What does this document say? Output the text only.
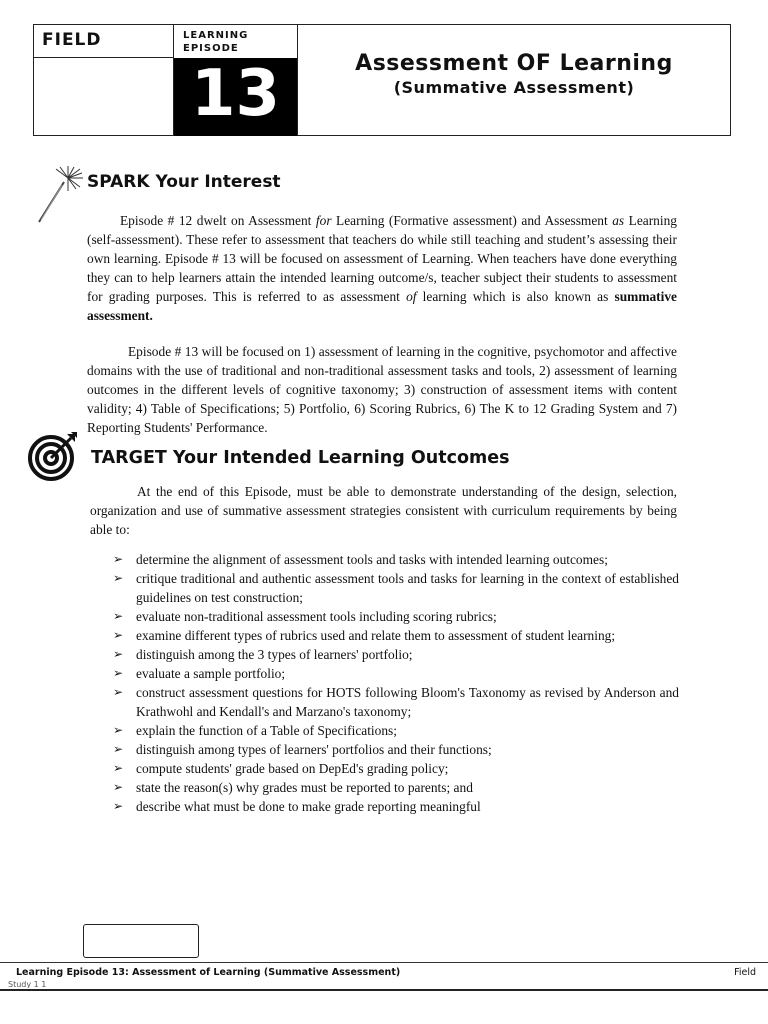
FIELD	LEARNING EPISODE
13	Assessment OF Learning
(Summative Assessment)
SPARK Your Interest

Episode # 12 dwelt on Assessment for Learning (Formative assessment) and Assessment as Learning (self-assessment). These refer to assessment that teachers do while still teaching and student’s assessing their own learning. Episode # 13 will be focused on assessment of Learning. When teachers have done everything they can to help learners attain the intended learning outcome/s, teacher subject their students to assessment for grading purposes. This is referred to as assessment of learning which is also known as summative assessment.

Episode # 13 will be focused on 1) assessment of learning in the cognitive, psychomotor and affective domains with the use of traditional and non-traditional assessment tasks and tools, 2) assessment of learning outcomes in the different levels of cognitive taxonomy; 3) construction of assessment items with content validity; 4) Table of Specifications; 5) Portfolio, 6) Scoring Rubrics, 6) The K to 12 Grading System and 7) Reporting Students' Performance.

TARGET Your Intended Learning Outcomes

At the end of this Episode, must be able to demonstrate understanding of the design, selection, organization and use of summative assessment strategies consistent with curriculum requirements by being able to:

➢ determine the alignment of assessment tools and tasks with intended learning outcomes;
➢ critique traditional and authentic assessment tools and tasks for learning in the context of established guidelines on test construction;
➢ evaluate non-traditional assessment tools including scoring rubrics;
➢ examine different types of rubrics used and relate them to assessment of student learning;
➢ distinguish among the 3 types of learners' portfolio;
➢ evaluate a sample portfolio;
➢ construct assessment questions for HOTS following Bloom's Taxonomy as revised by Anderson and Krathwohl and Kendall's and Marzano's taxonomy;
➢ explain the function of a Table of Specifications;
➢ distinguish among types of learners' portfolios and their functions;
➢ compute students' grade based on DepEd's grading policy;
➢ state the reason(s) why grades must be reported to parents; and
➢ describe what must be done to make grade reporting meaningful
Learning Episode 13: Assessment of Learning (Summative Assessment)	Field
Study 1 1
